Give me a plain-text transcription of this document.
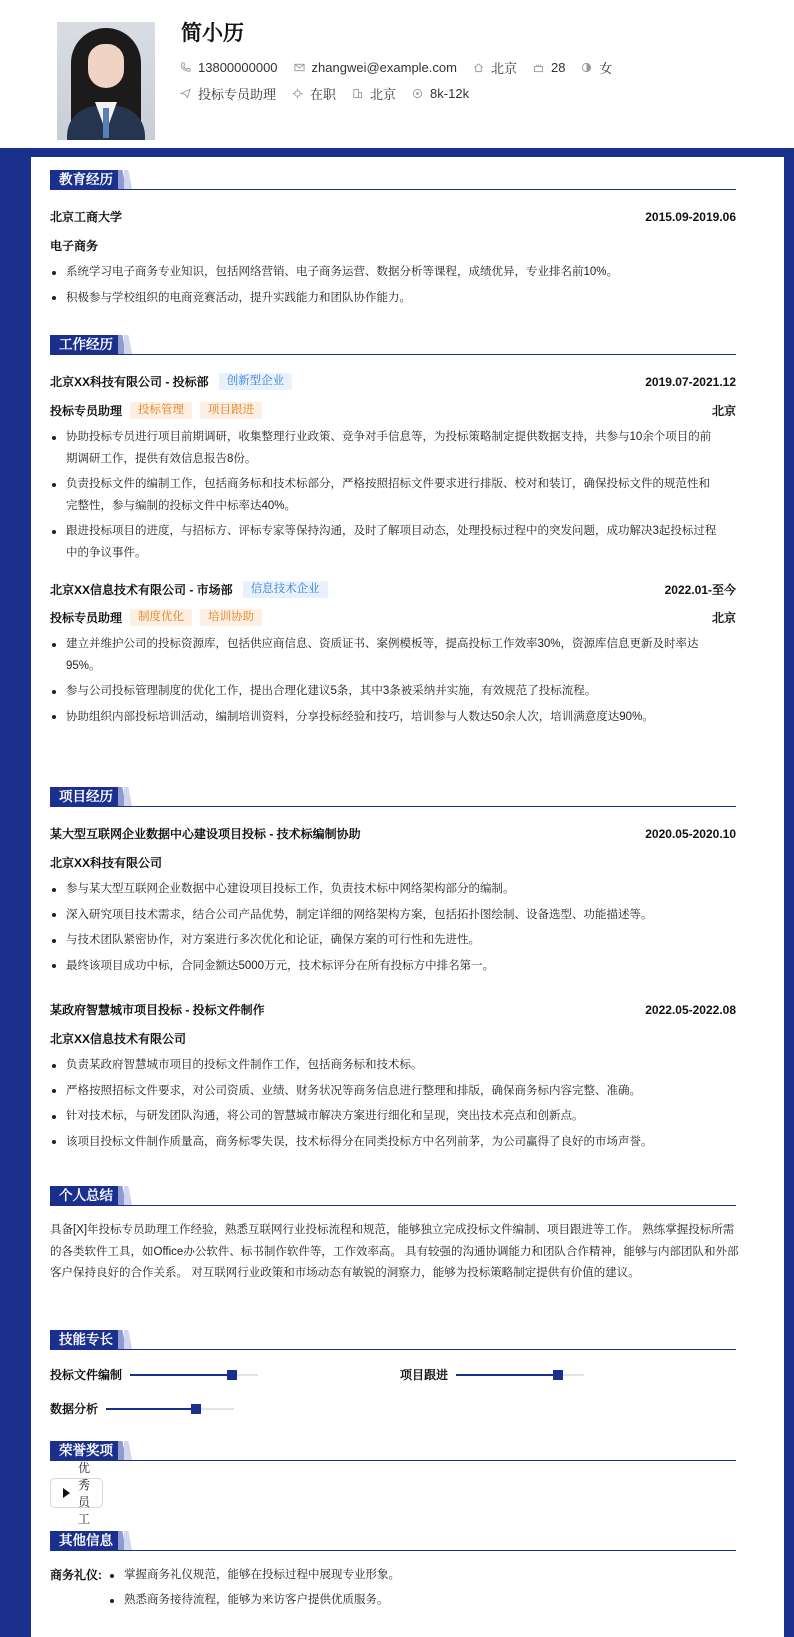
简小历
13800000000	zhangwei@example.com	北京	28	女
投标专员助理	在职	北京	8k-12k
教育经历
北京工商大学	2015.09-2019.06
电子商务
系统学习电子商务专业知识，包括网络营销、电子商务运营、数据分析等课程，成绩优异，专业排名前10%。
积极参与学校组织的电商竞赛活动，提升实践能力和团队协作能力。
工作经历
北京XX科技有限公司 - 投标部	创新型企业	2019.07-2021.12
投标专员助理	投标管理	项目跟进	北京
协助投标专员进行项目前期调研，收集整理行业政策、竞争对手信息等，为投标策略制定提供数据支持，共参与10余个项目的前期调研工作，提供有效信息报告8份。
负责投标文件的编制工作，包括商务标和技术标部分，严格按照招标文件要求进行排版、校对和装订，确保投标文件的规范性和完整性，参与编制的投标文件中标率达40%。
跟进投标项目的进度，与招标方、评标专家等保持沟通，及时了解项目动态，处理投标过程中的突发问题，成功解决3起投标过程中的争议事件。
北京XX信息技术有限公司 - 市场部	信息技术企业	2022.01-至今
投标专员助理	制度优化	培训协助	北京
建立并维护公司的投标资源库，包括供应商信息、资质证书、案例模板等，提高投标工作效率30%，资源库信息更新及时率达95%。
参与公司投标管理制度的优化工作，提出合理化建议5条，其中3条被采纳并实施，有效规范了投标流程。
协助组织内部投标培训活动，编制培训资料，分享投标经验和技巧，培训参与人数达50余人次，培训满意度达90%。
项目经历
某大型互联网企业数据中心建设项目投标 - 技术标编制协助	2020.05-2020.10
北京XX科技有限公司
参与某大型互联网企业数据中心建设项目投标工作，负责技术标中网络架构部分的编制。
深入研究项目技术需求，结合公司产品优势，制定详细的网络架构方案，包括拓扑图绘制、设备选型、功能描述等。
与技术团队紧密协作，对方案进行多次优化和论证，确保方案的可行性和先进性。
最终该项目成功中标，合同金额达5000万元，技术标评分在所有投标方中排名第一。
某政府智慧城市项目投标 - 投标文件制作	2022.05-2022.08
北京XX信息技术有限公司
负责某政府智慧城市项目的投标文件制作工作，包括商务标和技术标。
严格按照招标文件要求，对公司资质、业绩、财务状况等商务信息进行整理和排版，确保商务标内容完整、准确。
针对技术标，与研发团队沟通，将公司的智慧城市解决方案进行细化和呈现，突出技术亮点和创新点。
该项目投标文件制作质量高，商务标零失误，技术标得分在同类投标方中名列前茅，为公司赢得了良好的市场声誉。
个人总结
具备[X]年投标专员助理工作经验，熟悉互联网行业投标流程和规范，能够独立完成投标文件编制、项目跟进等工作。 熟练掌握投标所需的各类软件工具，如Office办公软件、标书制作软件等，工作效率高。 具有较强的沟通协调能力和团队合作精神，能够与内部团队和外部客户保持良好的合作关系。 对互联网行业政策和市场动态有敏锐的洞察力，能够为投标策略制定提供有价值的建议。
技能专长
投标文件编制	项目跟进
数据分析
荣誉奖项
优秀员工
其他信息
商务礼仪:	掌握商务礼仪规范，能够在投标过程中展现专业形象。
熟悉商务接待流程，能够为来访客户提供优质服务。
